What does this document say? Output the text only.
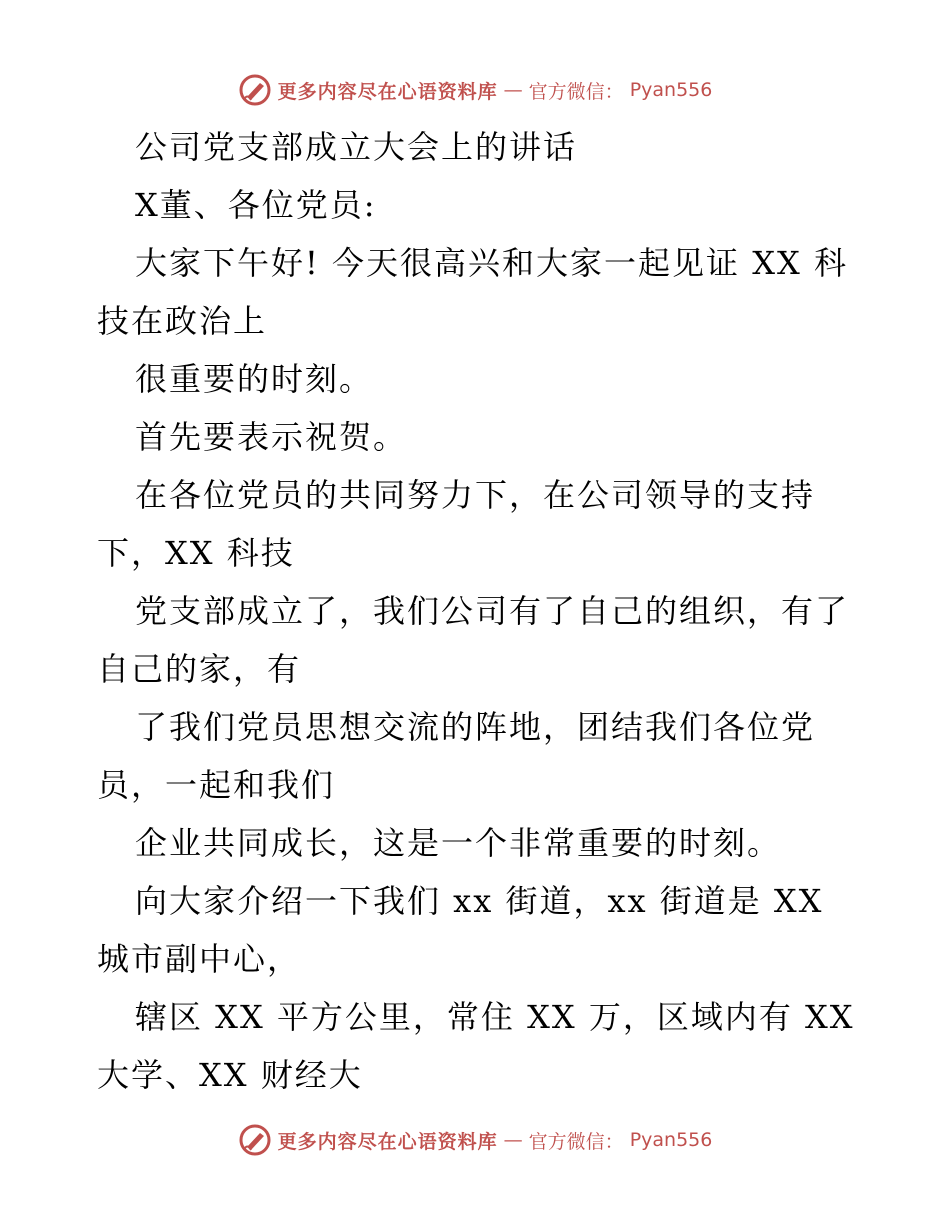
更多内容尽在心语资料库 — 官方微信： Pyan556

公司党支部成立大会上的讲话

X董、各位党员:

大家下午好! 今天很高兴和大家一起见证 XX 科

技在政治上

很重要的时刻。

首先要表示祝贺。

在各位党员的共同努力下，在公司领导的支持

下，XX 科技

党支部成立了，我们公司有了自己的组织，有了

自己的家，有

了我们党员思想交流的阵地，团结我们各位党

员，一起和我们

企业共同成长，这是一个非常重要的时刻。

向大家介绍一下我们 xx 街道，xx 街道是 XX

城市副中心，

辖区 XX 平方公里，常住 XX 万，区域内有 XX

大学、XX 财经大

更多内容尽在心语资料库 — 官方微信： Pyan556
